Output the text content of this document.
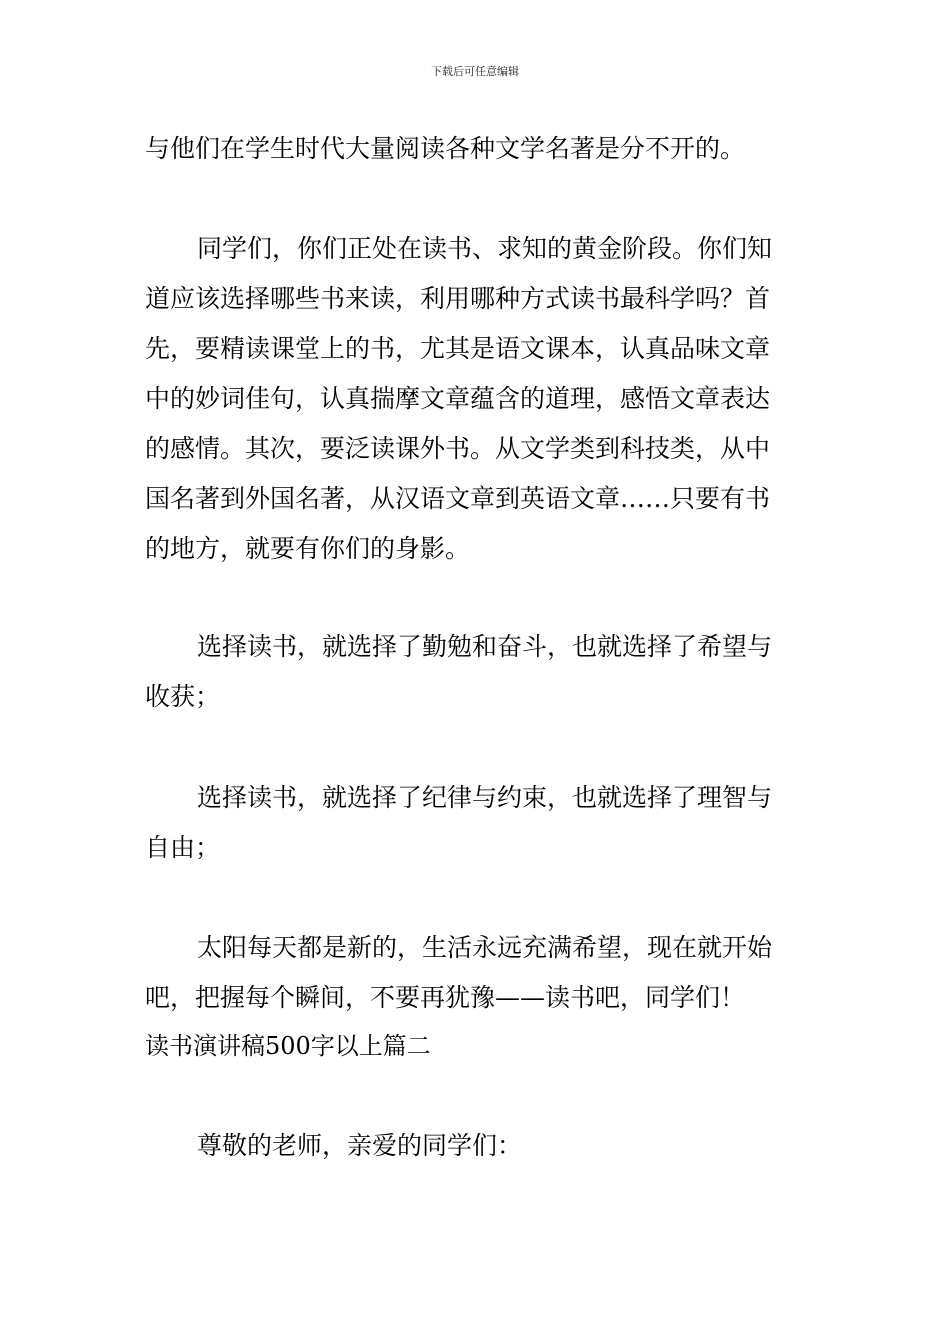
下载后可任意编辑
与他们在学生时代大量阅读各种文学名著是分不开的。
同学们，你们正处在读书、求知的黄金阶段。你们知
道应该选择哪些书来读，利用哪种方式读书最科学吗？首
先，要精读课堂上的书，尤其是语文课本，认真品味文章
中的妙词佳句，认真揣摩文章蕴含的道理，感悟文章表达
的感情。其次，要泛读课外书。从文学类到科技类，从中
国名著到外国名著，从汉语文章到英语文章……只要有书
的地方，就要有你们的身影。
选择读书，就选择了勤勉和奋斗，也就选择了希望与
收获；
选择读书，就选择了纪律与约束，也就选择了理智与
自由；
太阳每天都是新的，生活永远充满希望，现在就开始
吧，把握每个瞬间，不要再犹豫——读书吧，同学们！
读书演讲稿500字以上篇二
尊敬的老师，亲爱的同学们：
